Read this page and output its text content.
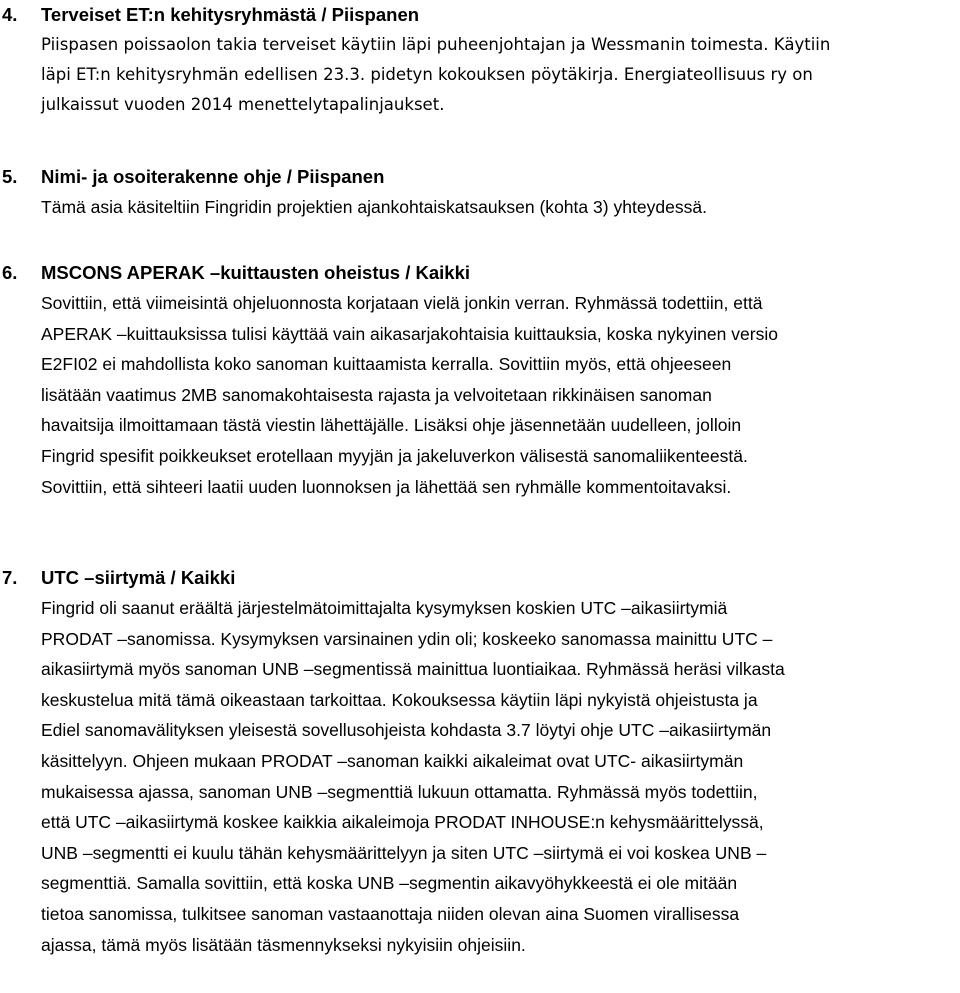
4. Terveiset ET:n kehitysryhmästä / Piispanen
Piispasen poissaolon takia terveiset käytiin läpi puheenjohtajan ja Wessmanin toimesta. Käytiin
läpi ET:n kehitysryhmän edellisen 23.3. pidetyn kokouksen pöytäkirja. Energiateollisuus ry on
julkaissut vuoden 2014 menettelytapalinjaukset.
5. Nimi- ja osoiterakenne ohje / Piispanen
Tämä asia käsiteltiin Fingridin projektien ajankohtaiskatsauksen (kohta 3) yhteydessä.
6. MSCONS APERAK –kuittausten oheistus / Kaikki
Sovittiin, että viimeisintä ohjeluonnosta korjataan vielä jonkin verran. Ryhmässä todettiin, että
APERAK –kuittauksissa tulisi käyttää vain aikasarjakohtaisia kuittauksia, koska nykyinen versio
E2FI02 ei mahdollista koko sanoman kuittaamista kerralla. Sovittiin myös, että ohjeeseen
lisätään vaatimus 2MB sanomakohtaisesta rajasta ja velvoitetaan rikkinäisen sanoman
havaitsija ilmoittamaan tästä viestin lähettäjälle. Lisäksi ohje jäsennetään uudelleen, jolloin
Fingrid spesifit poikkeukset erotellaan myyjän ja jakeluverkon välisestä sanomaliikenteestä.
Sovittiin, että sihteeri laatii uuden luonnoksen ja lähettää sen ryhmälle kommentoitavaksi.
7. UTC –siirtymä / Kaikki
Fingrid oli saanut eräältä järjestelmätoimittajalta kysymyksen koskien UTC –aikasiirtymiä
PRODAT –sanomissa. Kysymyksen varsinainen ydin oli; koskeeko sanomassa mainittu UTC –
aikasiirtymä myös sanoman UNB –segmentissä mainittua luontiaikaa. Ryhmässä heräsi vilkasta
keskustelua mitä tämä oikeastaan tarkoittaa. Kokouksessa käytiin läpi nykyistä ohjeistusta ja
Ediel sanomavälityksen yleisestä sovellusohjeista kohdasta 3.7 löytyi ohje UTC –aikasiirtymän
käsittelyyn. Ohjeen mukaan PRODAT –sanoman kaikki aikaleimat ovat UTC- aikasiirtymän
mukaisessa ajassa, sanoman UNB –segmenttiä lukuun ottamatta. Ryhmässä myös todettiin,
että UTC –aikasiirtymä koskee kaikkia aikaleimoja PRODAT INHOUSE:n kehysmäärittelyssä,
UNB –segmentti ei kuulu tähän kehysmäärittelyyn ja siten UTC –siirtymä ei voi koskea UNB –
segmenttiä. Samalla sovittiin, että koska UNB –segmentin aikavyöhykkeestä ei ole mitään
tietoa sanomissa, tulkitsee sanoman vastaanottaja niiden olevan aina Suomen virallisessa
ajassa, tämä myös lisätään täsmennykseksi nykyisiin ohjeisiin.
